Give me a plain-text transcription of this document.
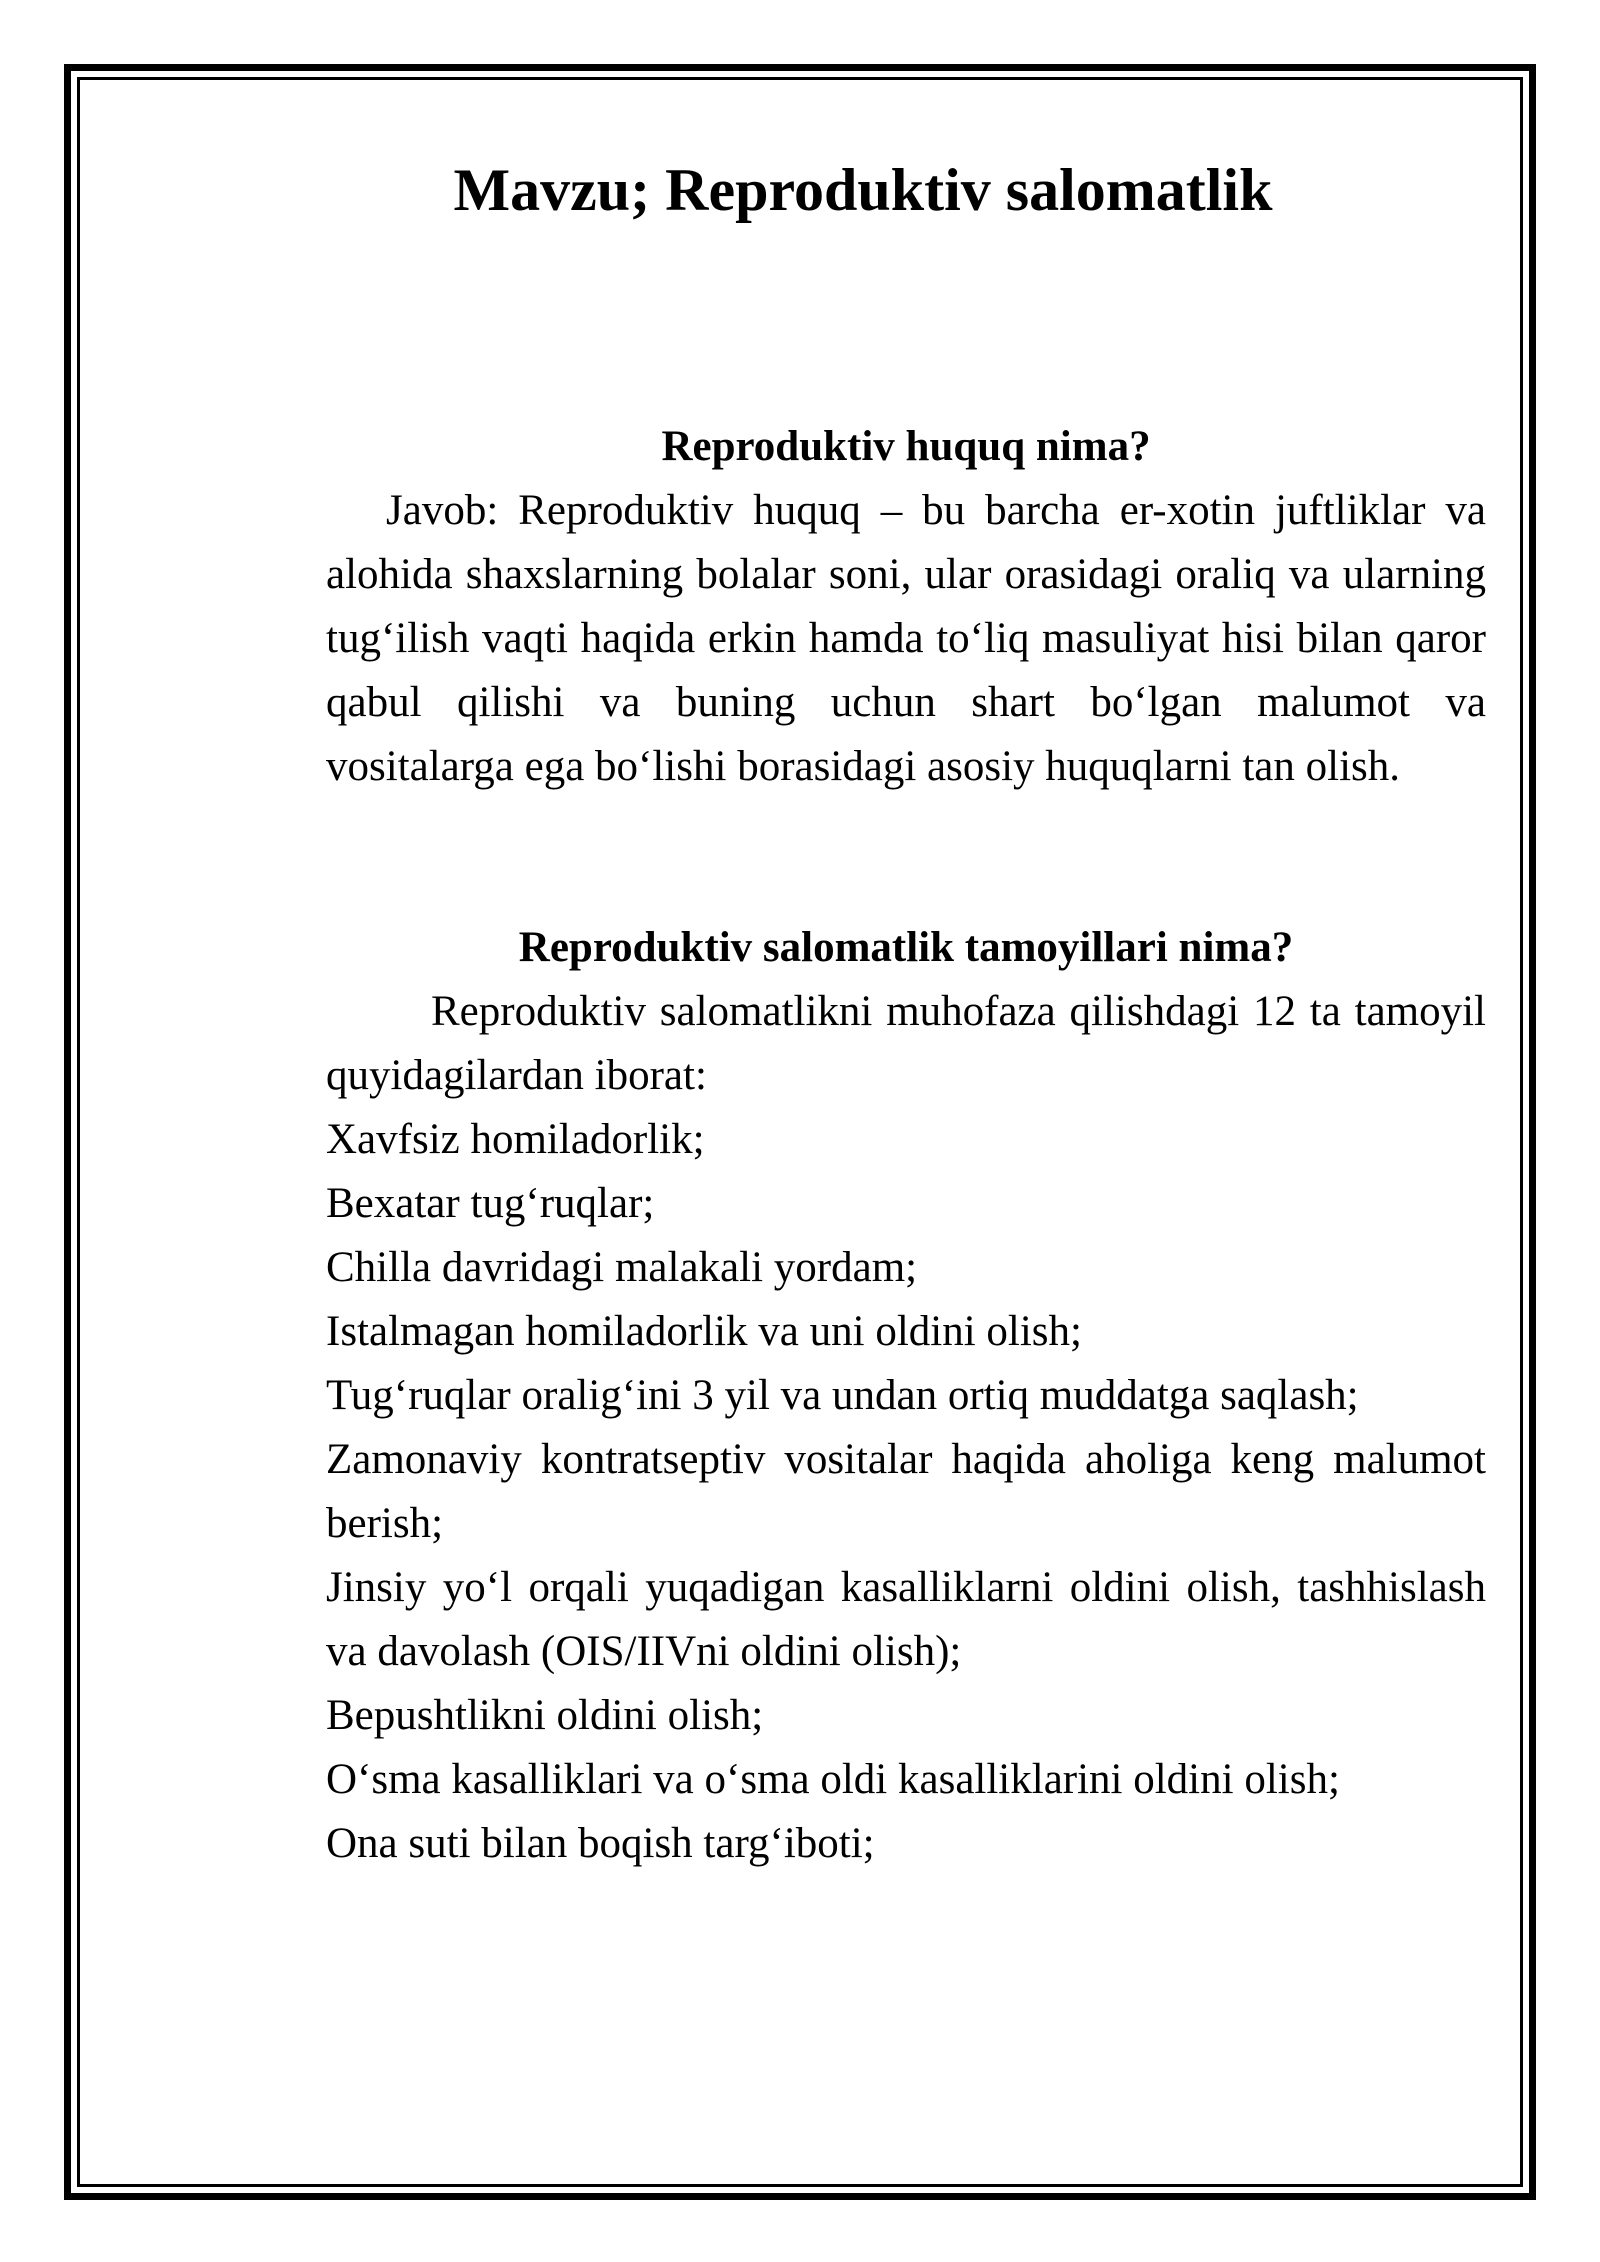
Mavzu; Reproduktiv salomatlik
Reproduktiv huquq nima?

Javob: Reproduktiv huquq – bu barcha er-xotin juftliklar va alohida shaxslarning bolalar soni, ular orasidagi oraliq va ularning tug‘ilish vaqti haqida erkin hamda to‘liq masuliyat hisi bilan qaror qabul qilishi va buning uchun shart bo‘lgan malumot va vositalarga ega bo‘lishi borasidagi asosiy huquqlarni tan olish.

Reproduktiv salomatlik tamoyillari nima?

Reproduktiv salomatlikni muhofaza qilishdagi 12 ta tamoyil quyidagilardan iborat:

Xavfsiz homiladorlik;
Bexatar tug‘ruqlar;
Chilla davridagi malakali yordam;
Istalmagan homiladorlik va uni oldini olish;
Tug‘ruqlar oralig‘ini 3 yil va undan ortiq muddatga saqlash;
Zamonaviy kontratseptiv vositalar haqida aholiga keng malumot berish;
Jinsiy yo‘l orqali yuqadigan kasalliklarni oldini olish, tashhislash va davolash (OIS/IIVni oldini olish);
Bepushtlikni oldini olish;
O‘sma kasalliklari va o‘sma oldi kasalliklarini oldini olish;
Ona suti bilan boqish targ‘iboti;
